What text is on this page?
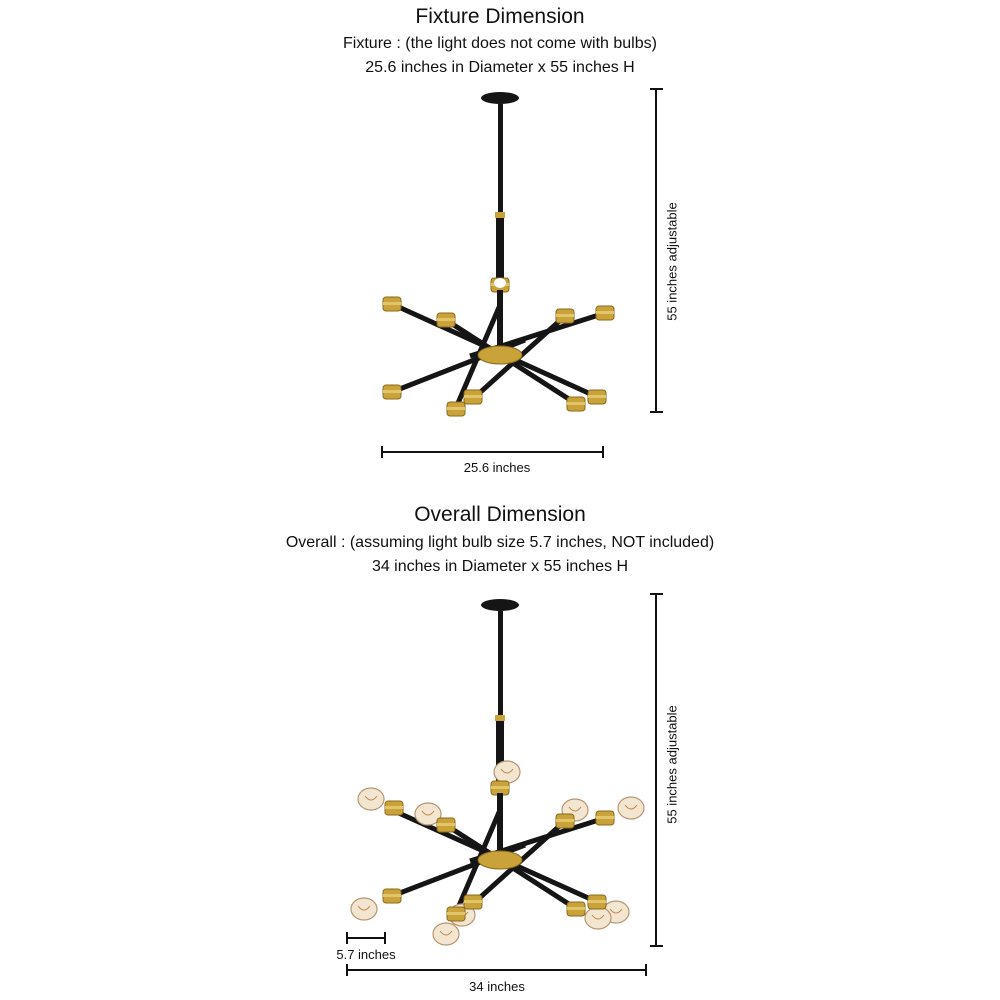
Fixture Dimension
Fixture : (the light does not come with bulbs)
25.6 inches in Diameter x 55 inches H
Overall Dimension
Overall : (assuming light bulb size 5.7 inches, NOT included)
34 inches in Diameter x 55 inches H
55 inches adjustable
25.6 inches
55 inches adjustable
5.7 inches
34 inches
